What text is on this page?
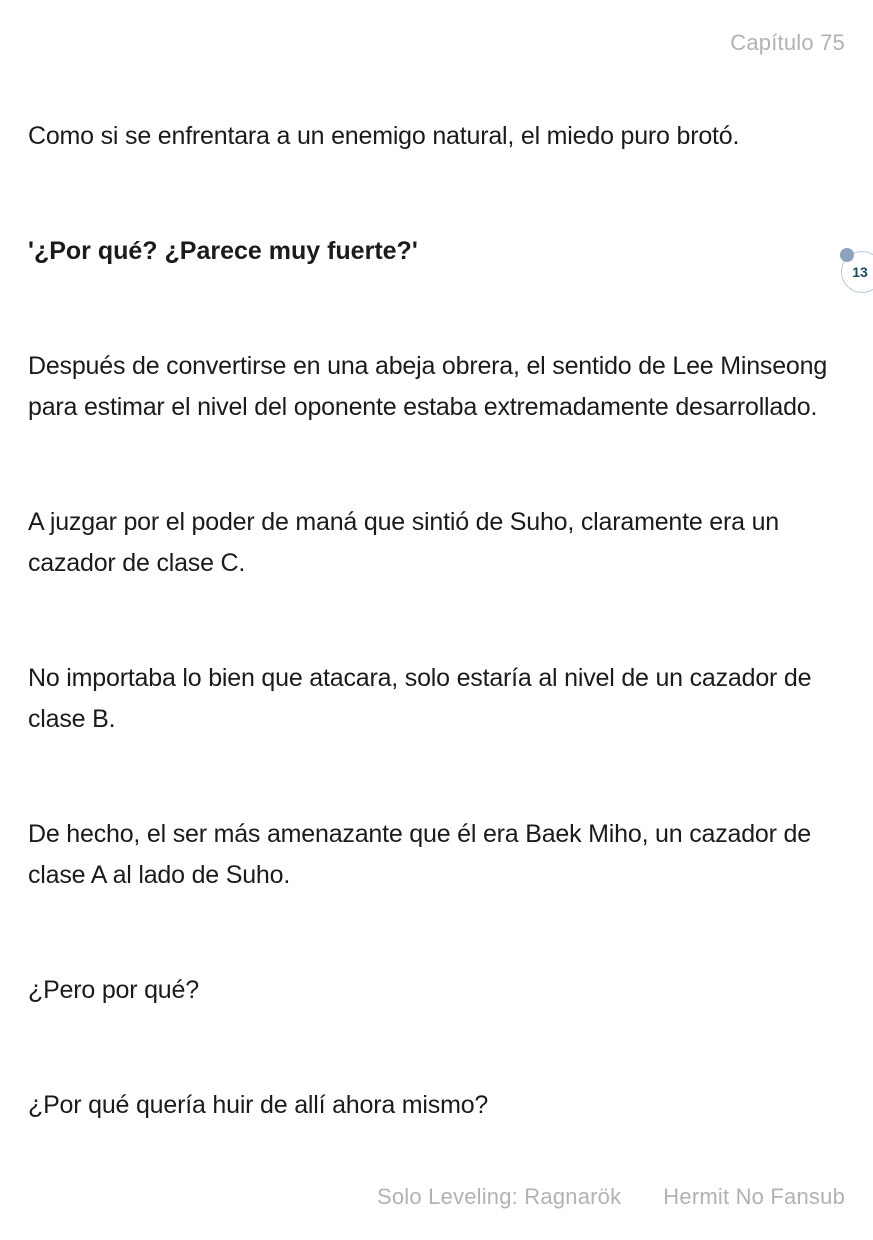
Capítulo 75

Como si se enfrentara a un enemigo natural, el miedo puro brotó.

'¿Por qué? ¿Parece muy fuerte?'

Después de convertirse en una abeja obrera, el sentido de Lee Minseong para estimar el nivel del oponente estaba extremadamente desarrollado.

A juzgar por el poder de maná que sintió de Suho, claramente era un cazador de clase C.

No importaba lo bien que atacara, solo estaría al nivel de un cazador de clase B.

De hecho, el ser más amenazante que él era Baek Miho, un cazador de clase A al lado de Suho.

¿Pero por qué?

¿Por qué quería huir de allí ahora mismo?

13
Solo Leveling: Ragnarök Hermit No Fansub
